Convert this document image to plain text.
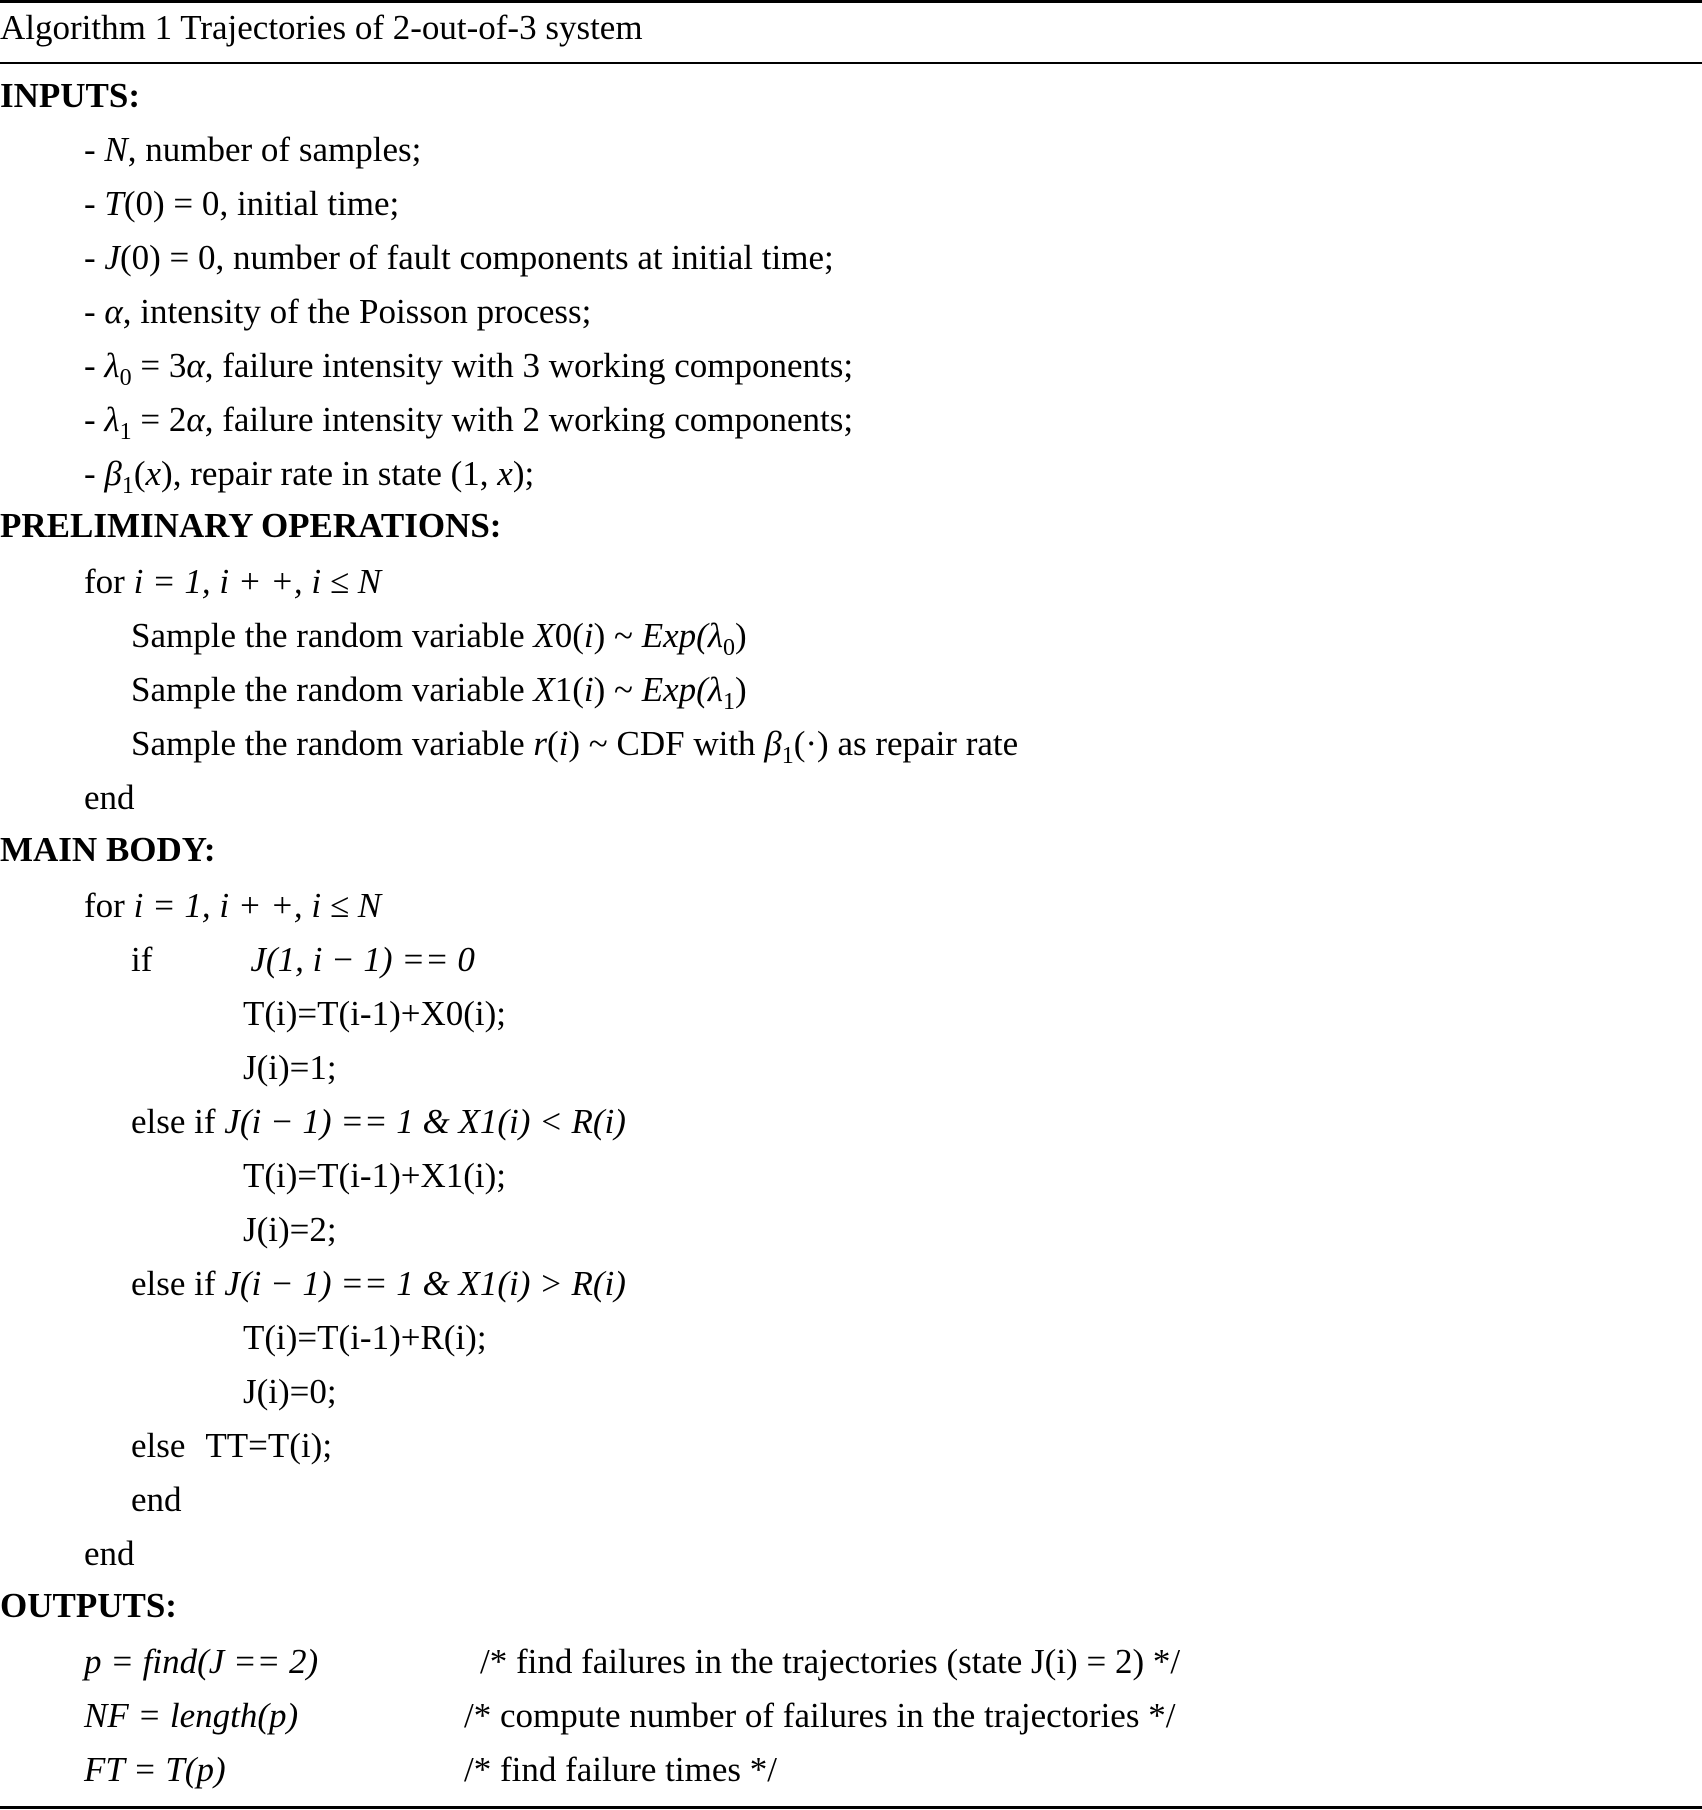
Algorithm 1 Trajectories of 2-out-of-3 system
INPUTS:
- N, number of samples;
- T(0) = 0, initial time;
- J(0) = 0, number of fault components at initial time;
- α, intensity of the Poisson process;
- $\lambda_0 = 3\alpha$, failure intensity with 3 working components;
- $\lambda_1 = 2\alpha$, failure intensity with 2 working components;
- $\beta_1(x)$, repair rate in state (1, x);
PRELIMINARY OPERATIONS:
for i = 1, i + +, i ≤ N
Sample the random variable X0(i) ~ $Exp(\lambda_0)$
Sample the random variable X1(i) ~ $Exp(\lambda_1)$
Sample the random variable r(i) ~ CDF with $\beta_1(\cdot)$ as repair rate
end
MAIN BODY:
for i = 1, i + +, i ≤ N
if	J(1, i − 1) == 0
T(i)=T(i-1)+X0(i);
J(i)=1;
else if J(i − 1) == 1 & X1(i) < R(i)
T(i)=T(i-1)+X1(i);
J(i)=2;
else if J(i − 1) == 1 & X1(i) > R(i)
T(i)=T(i-1)+R(i);
J(i)=0;
else TT=T(i);
end
end
OUTPUTS:
p = find(J == 2)	/* find failures in the trajectories (state J(i) = 2) */
NF = length(p)	/* compute number of failures in the trajectories */
FT = T(p)	/* find failure times */
